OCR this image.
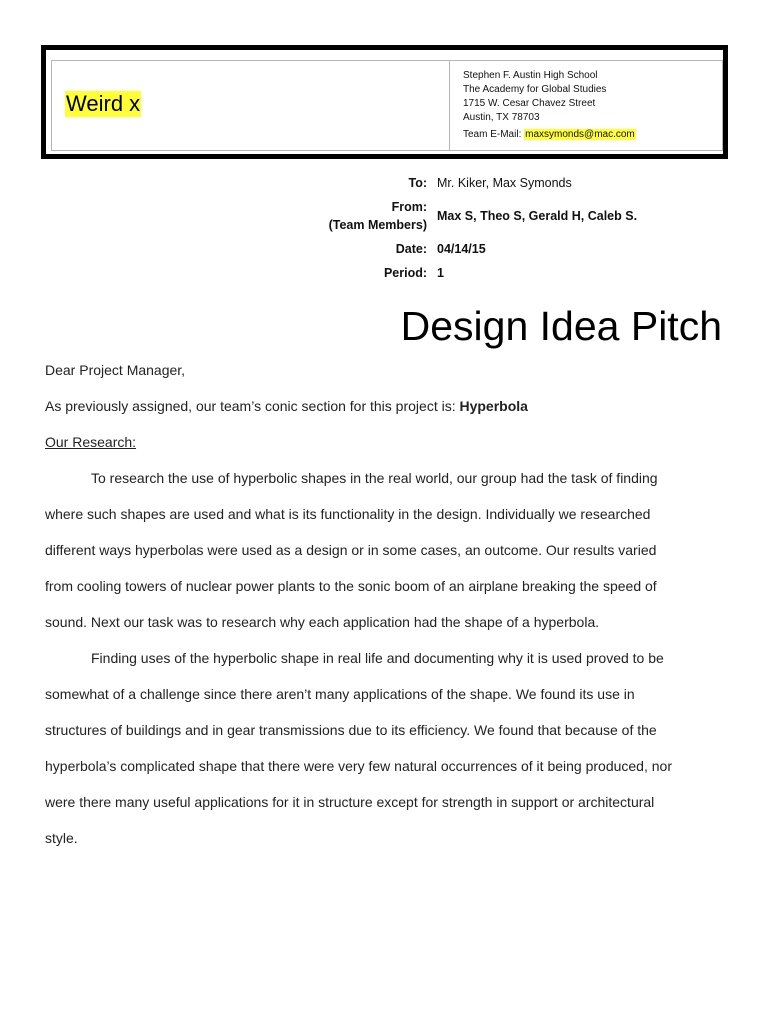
Weird x
Stephen F. Austin High School
The Academy for Global Studies
1715 W. Cesar Chavez Street
Austin, TX 78703
Team E-Mail: maxsymonds@mac.com
To: Mr. Kiker, Max Symonds
From:
(Team Members)
Max S, Theo S, Gerald H, Caleb S.
Date: 04/14/15
Period: 1
Design Idea Pitch
Dear Project Manager,
As previously assigned, our team’s conic section for this project is: Hyperbola
Our Research:
To research the use of hyperbolic shapes in the real world, our group had the task of finding
where such shapes are used and what is its functionality in the design. Individually we researched
different ways hyperbolas were used as a design or in some cases, an outcome. Our results varied
from cooling towers of nuclear power plants to the sonic boom of an airplane breaking the speed of
sound. Next our task was to research why each application had the shape of a hyperbola.
Finding uses of the hyperbolic shape in real life and documenting why it is used proved to be
somewhat of a challenge since there aren’t many applications of the shape. We found its use in
structures of buildings and in gear transmissions due to its efficiency. We found that because of the
hyperbola’s complicated shape that there were very few natural occurrences of it being produced, nor
were there many useful applications for it in structure except for strength in support or architectural
style.
